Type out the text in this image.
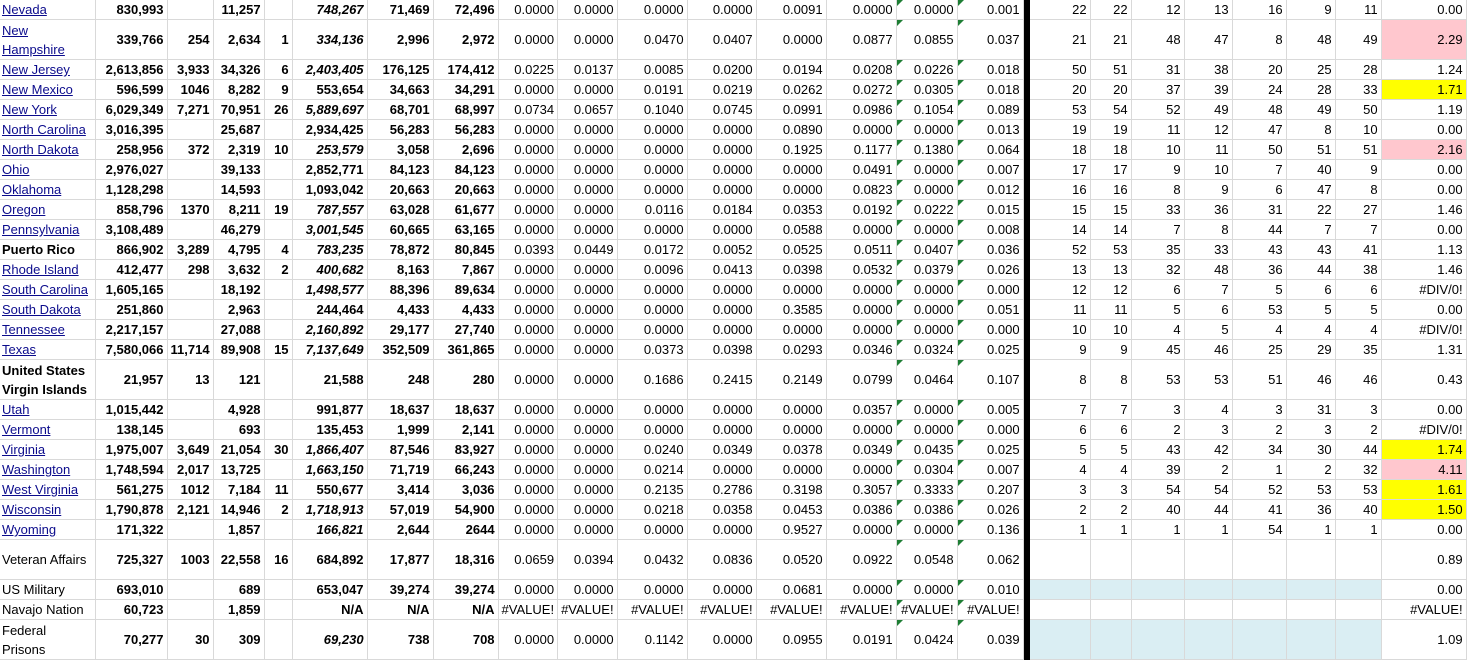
Nevada	830,993		11,257		748,267	71,469	72,496	0.0000	0.0000	0.0000	0.0000	0.0091	0.0000	0.0000	0.001		22	22	12	13	16	9	11	0.00
New Hampshire	339,766	254	2,634	1	334,136	2,996	2,972	0.0000	0.0000	0.0470	0.0407	0.0000	0.0877	0.0855	0.037		21	21	48	47	8	48	49	2.29
New Jersey	2,613,856	3,933	34,326	6	2,403,405	176,125	174,412	0.0225	0.0137	0.0085	0.0200	0.0194	0.0208	0.0226	0.018		50	51	31	38	20	25	28	1.24
New Mexico	596,599	1046	8,282	9	553,654	34,663	34,291	0.0000	0.0000	0.0191	0.0219	0.0262	0.0272	0.0305	0.018		20	20	37	39	24	28	33	1.71
New York	6,029,349	7,271	70,951	26	5,889,697	68,701	68,997	0.0734	0.0657	0.1040	0.0745	0.0991	0.0986	0.1054	0.089		53	54	52	49	48	49	50	1.19
North Carolina	3,016,395		25,687		2,934,425	56,283	56,283	0.0000	0.0000	0.0000	0.0000	0.0890	0.0000	0.0000	0.013		19	19	11	12	47	8	10	0.00
North Dakota	258,956	372	2,319	10	253,579	3,058	2,696	0.0000	0.0000	0.0000	0.0000	0.1925	0.1177	0.1380	0.064		18	18	10	11	50	51	51	2.16
Ohio	2,976,027		39,133		2,852,771	84,123	84,123	0.0000	0.0000	0.0000	0.0000	0.0000	0.0491	0.0000	0.007		17	17	9	10	7	40	9	0.00
Oklahoma	1,128,298		14,593		1,093,042	20,663	20,663	0.0000	0.0000	0.0000	0.0000	0.0000	0.0823	0.0000	0.012		16	16	8	9	6	47	8	0.00
Oregon	858,796	1370	8,211	19	787,557	63,028	61,677	0.0000	0.0000	0.0116	0.0184	0.0353	0.0192	0.0222	0.015		15	15	33	36	31	22	27	1.46
Pennsylvania	3,108,489		46,279		3,001,545	60,665	63,165	0.0000	0.0000	0.0000	0.0000	0.0588	0.0000	0.0000	0.008		14	14	7	8	44	7	7	0.00
Puerto Rico	866,902	3,289	4,795	4	783,235	78,872	80,845	0.0393	0.0449	0.0172	0.0052	0.0525	0.0511	0.0407	0.036		52	53	35	33	43	43	41	1.13
Rhode Island	412,477	298	3,632	2	400,682	8,163	7,867	0.0000	0.0000	0.0096	0.0413	0.0398	0.0532	0.0379	0.026		13	13	32	48	36	44	38	1.46
South Carolina	1,605,165		18,192		1,498,577	88,396	89,634	0.0000	0.0000	0.0000	0.0000	0.0000	0.0000	0.0000	0.000		12	12	6	7	5	6	6	#DIV/0!
South Dakota	251,860		2,963		244,464	4,433	4,433	0.0000	0.0000	0.0000	0.0000	0.3585	0.0000	0.0000	0.051		11	11	5	6	53	5	5	0.00
Tennessee	2,217,157		27,088		2,160,892	29,177	27,740	0.0000	0.0000	0.0000	0.0000	0.0000	0.0000	0.0000	0.000		10	10	4	5	4	4	4	#DIV/0!
Texas	7,580,066	11,714	89,908	15	7,137,649	352,509	361,865	0.0000	0.0000	0.0373	0.0398	0.0293	0.0346	0.0324	0.025		9	9	45	46	25	29	35	1.31
United States Virgin Islands	21,957	13	121		21,588	248	280	0.0000	0.0000	0.1686	0.2415	0.2149	0.0799	0.0464	0.107		8	8	53	53	51	46	46	0.43
Utah	1,015,442		4,928		991,877	18,637	18,637	0.0000	0.0000	0.0000	0.0000	0.0000	0.0357	0.0000	0.005		7	7	3	4	3	31	3	0.00
Vermont	138,145		693		135,453	1,999	2,141	0.0000	0.0000	0.0000	0.0000	0.0000	0.0000	0.0000	0.000		6	6	2	3	2	3	2	#DIV/0!
Virginia	1,975,007	3,649	21,054	30	1,866,407	87,546	83,927	0.0000	0.0000	0.0240	0.0349	0.0378	0.0349	0.0435	0.025		5	5	43	42	34	30	44	1.74
Washington	1,748,594	2,017	13,725		1,663,150	71,719	66,243	0.0000	0.0000	0.0214	0.0000	0.0000	0.0000	0.0304	0.007		4	4	39	2	1	2	32	4.11
West Virginia	561,275	1012	7,184	11	550,677	3,414	3,036	0.0000	0.0000	0.2135	0.2786	0.3198	0.3057	0.3333	0.207		3	3	54	54	52	53	53	1.61
Wisconsin	1,790,878	2,121	14,946	2	1,718,913	57,019	54,900	0.0000	0.0000	0.0218	0.0358	0.0453	0.0386	0.0386	0.026		2	2	40	44	41	36	40	1.50
Wyoming	171,322		1,857		166,821	2,644	2644	0.0000	0.0000	0.0000	0.0000	0.9527	0.0000	0.0000	0.136		1	1	1	1	54	1	1	0.00
Veteran Affairs	725,327	1003	22,558	16	684,892	17,877	18,316	0.0659	0.0394	0.0432	0.0836	0.0520	0.0922	0.0548	0.062									0.89
US Military	693,010		689		653,047	39,274	39,274	0.0000	0.0000	0.0000	0.0000	0.0681	0.0000	0.0000	0.010									0.00
Navajo Nation	60,723		1,859		N/A	N/A	N/A	#VALUE!	#VALUE!	#VALUE!	#VALUE!	#VALUE!	#VALUE!	#VALUE!	#VALUE!									#VALUE!
Federal Prisons	70,277	30	309		69,230	738	708	0.0000	0.0000	0.1142	0.0000	0.0955	0.0191	0.0424	0.039									1.09
